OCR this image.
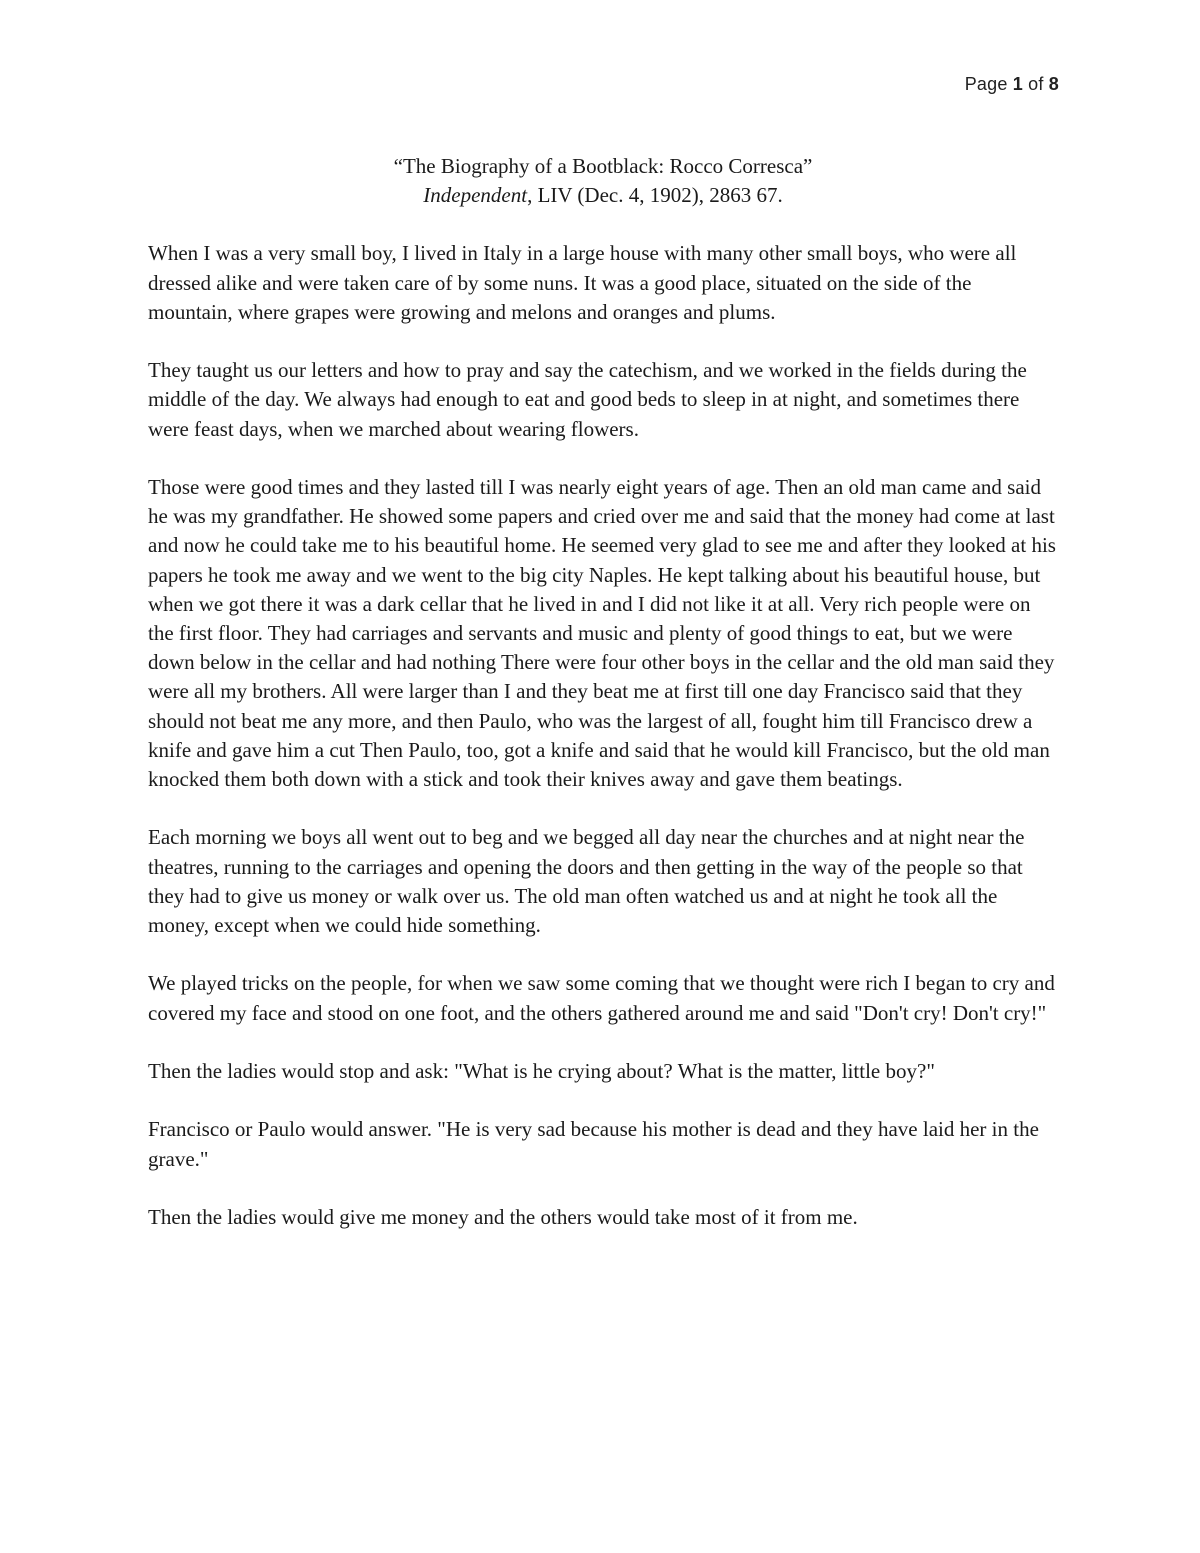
Page 1 of 8
“The Biography of a Bootblack: Rocco Corresca”
Independent, LIV (Dec. 4, 1902), 2863 67.

When I was a very small boy, I lived in Italy in a large house with many other small boys, who were all dressed alike and were taken care of by some nuns. It was a good place, situated on the side of the mountain, where grapes were growing and melons and oranges and plums.

They taught us our letters and how to pray and say the catechism, and we worked in the fields during the middle of the day. We always had enough to eat and good beds to sleep in at night, and sometimes there were feast days, when we marched about wearing flowers.

Those were good times and they lasted till I was nearly eight years of age. Then an old man came and said he was my grandfather. He showed some papers and cried over me and said that the money had come at last and now he could take me to his beautiful home. He seemed very glad to see me and after they looked at his papers he took me away and we went to the big city Naples. He kept talking about his beautiful house, but when we got there it was a dark cellar that he lived in and I did not like it at all. Very rich people were on the first floor. They had carriages and servants and music and plenty of good things to eat, but we were down below in the cellar and had nothing There were four other boys in the cellar and the old man said they were all my brothers. All were larger than I and they beat me at first till one day Francisco said that they should not beat me any more, and then Paulo, who was the largest of all, fought him till Francisco drew a knife and gave him a cut Then Paulo, too, got a knife and said that he would kill Francisco, but the old man knocked them both down with a stick and took their knives away and gave them beatings.

Each morning we boys all went out to beg and we begged all day near the churches and at night near the theatres, running to the carriages and opening the doors and then getting in the way of the people so that they had to give us money or walk over us. The old man often watched us and at night he took all the money, except when we could hide something.

We played tricks on the people, for when we saw some coming that we thought were rich I began to cry and covered my face and stood on one foot, and the others gathered around me and said "Don't cry! Don't cry!"

Then the ladies would stop and ask: "What is he crying about? What is the matter, little boy?"

Francisco or Paulo would answer. "He is very sad because his mother is dead and they have laid her in the grave."

Then the ladies would give me money and the others would take most of it from me.
